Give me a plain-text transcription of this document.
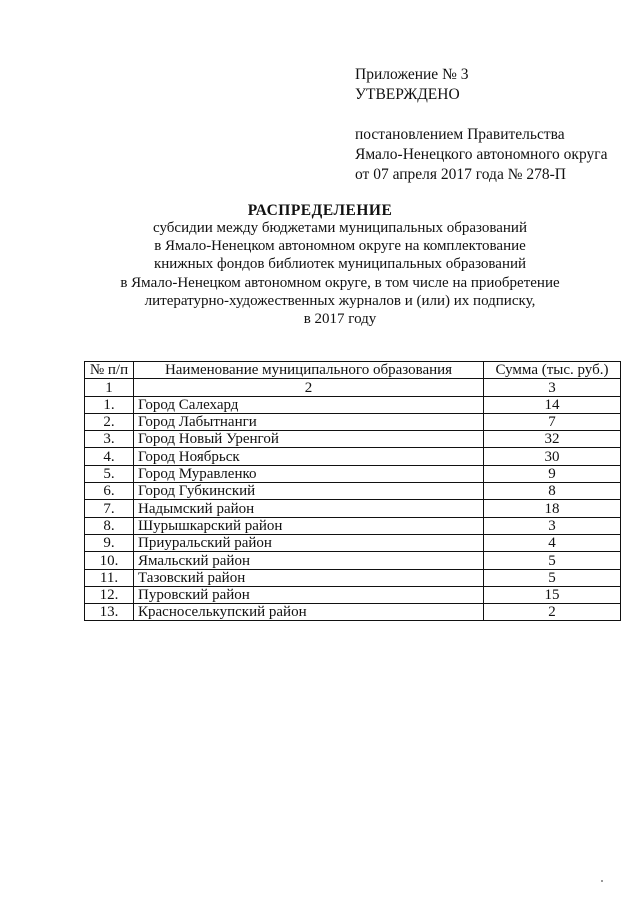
Приложение № 3
УТВЕРЖДЕНО
постановлением Правительства
Ямало-Ненецкого автономного округа
от 07 апреля 2017 года № 278-П
РАСПРЕДЕЛЕНИЕ
субсидии между бюджетами муниципальных образований
в Ямало-Ненецком автономном округе на комплектование
книжных фондов библиотек муниципальных образований
в Ямало-Ненецком автономном округе, в том числе на приобретение
литературно-художественных журналов и (или) их подписку,
в 2017 году
№ п/п	Наименование муниципального образования	Сумма (тыс. руб.)
1	2	3
1.	Город Салехард	14
2.	Город Лабытнанги	7
3.	Город Новый Уренгой	32
4.	Город Ноябрьск	30
5.	Город Муравленко	9
6.	Город Губкинский	8
7.	Надымский район	18
8.	Шурышкарский район	3
9.	Приуральский район	4
10.	Ямальский район	5
11.	Тазовский район	5
12.	Пуровский район	15
13.	Красноселькупский район	2
